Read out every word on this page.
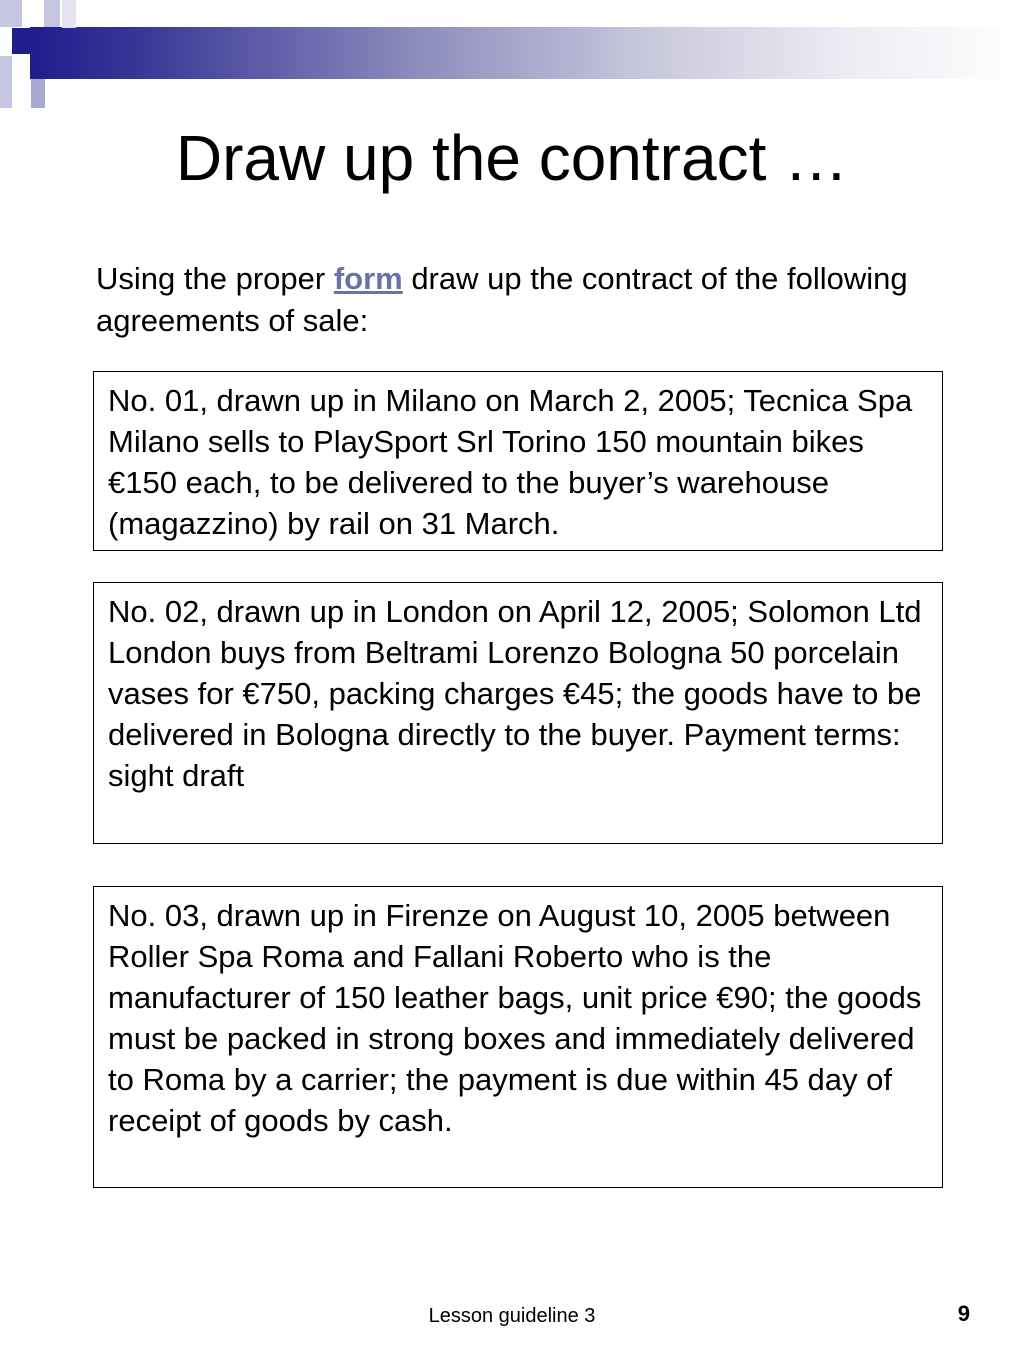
Draw up the contract …
Using the proper form draw up the contract of the following agreements of sale:
No. 01, drawn up in Milano on March 2, 2005; Tecnica Spa Milano sells to PlaySport Srl Torino 150 mountain bikes €150 each, to be delivered to the buyer’s warehouse (magazzino) by rail on 31 March.
No. 02, drawn up in London on April 12, 2005; Solomon Ltd London buys from Beltrami Lorenzo Bologna 50 porcelain vases for €750, packing charges €45; the goods have to be delivered in Bologna directly to the buyer. Payment terms: sight draft
No. 03, drawn up in Firenze on August 10, 2005 between Roller Spa Roma and Fallani Roberto who is the manufacturer of 150 leather bags, unit price €90; the goods must be packed in strong boxes and immediately delivered to Roma by a carrier; the payment is due within 45 day of receipt of goods by cash.
Lesson guideline 3	9
